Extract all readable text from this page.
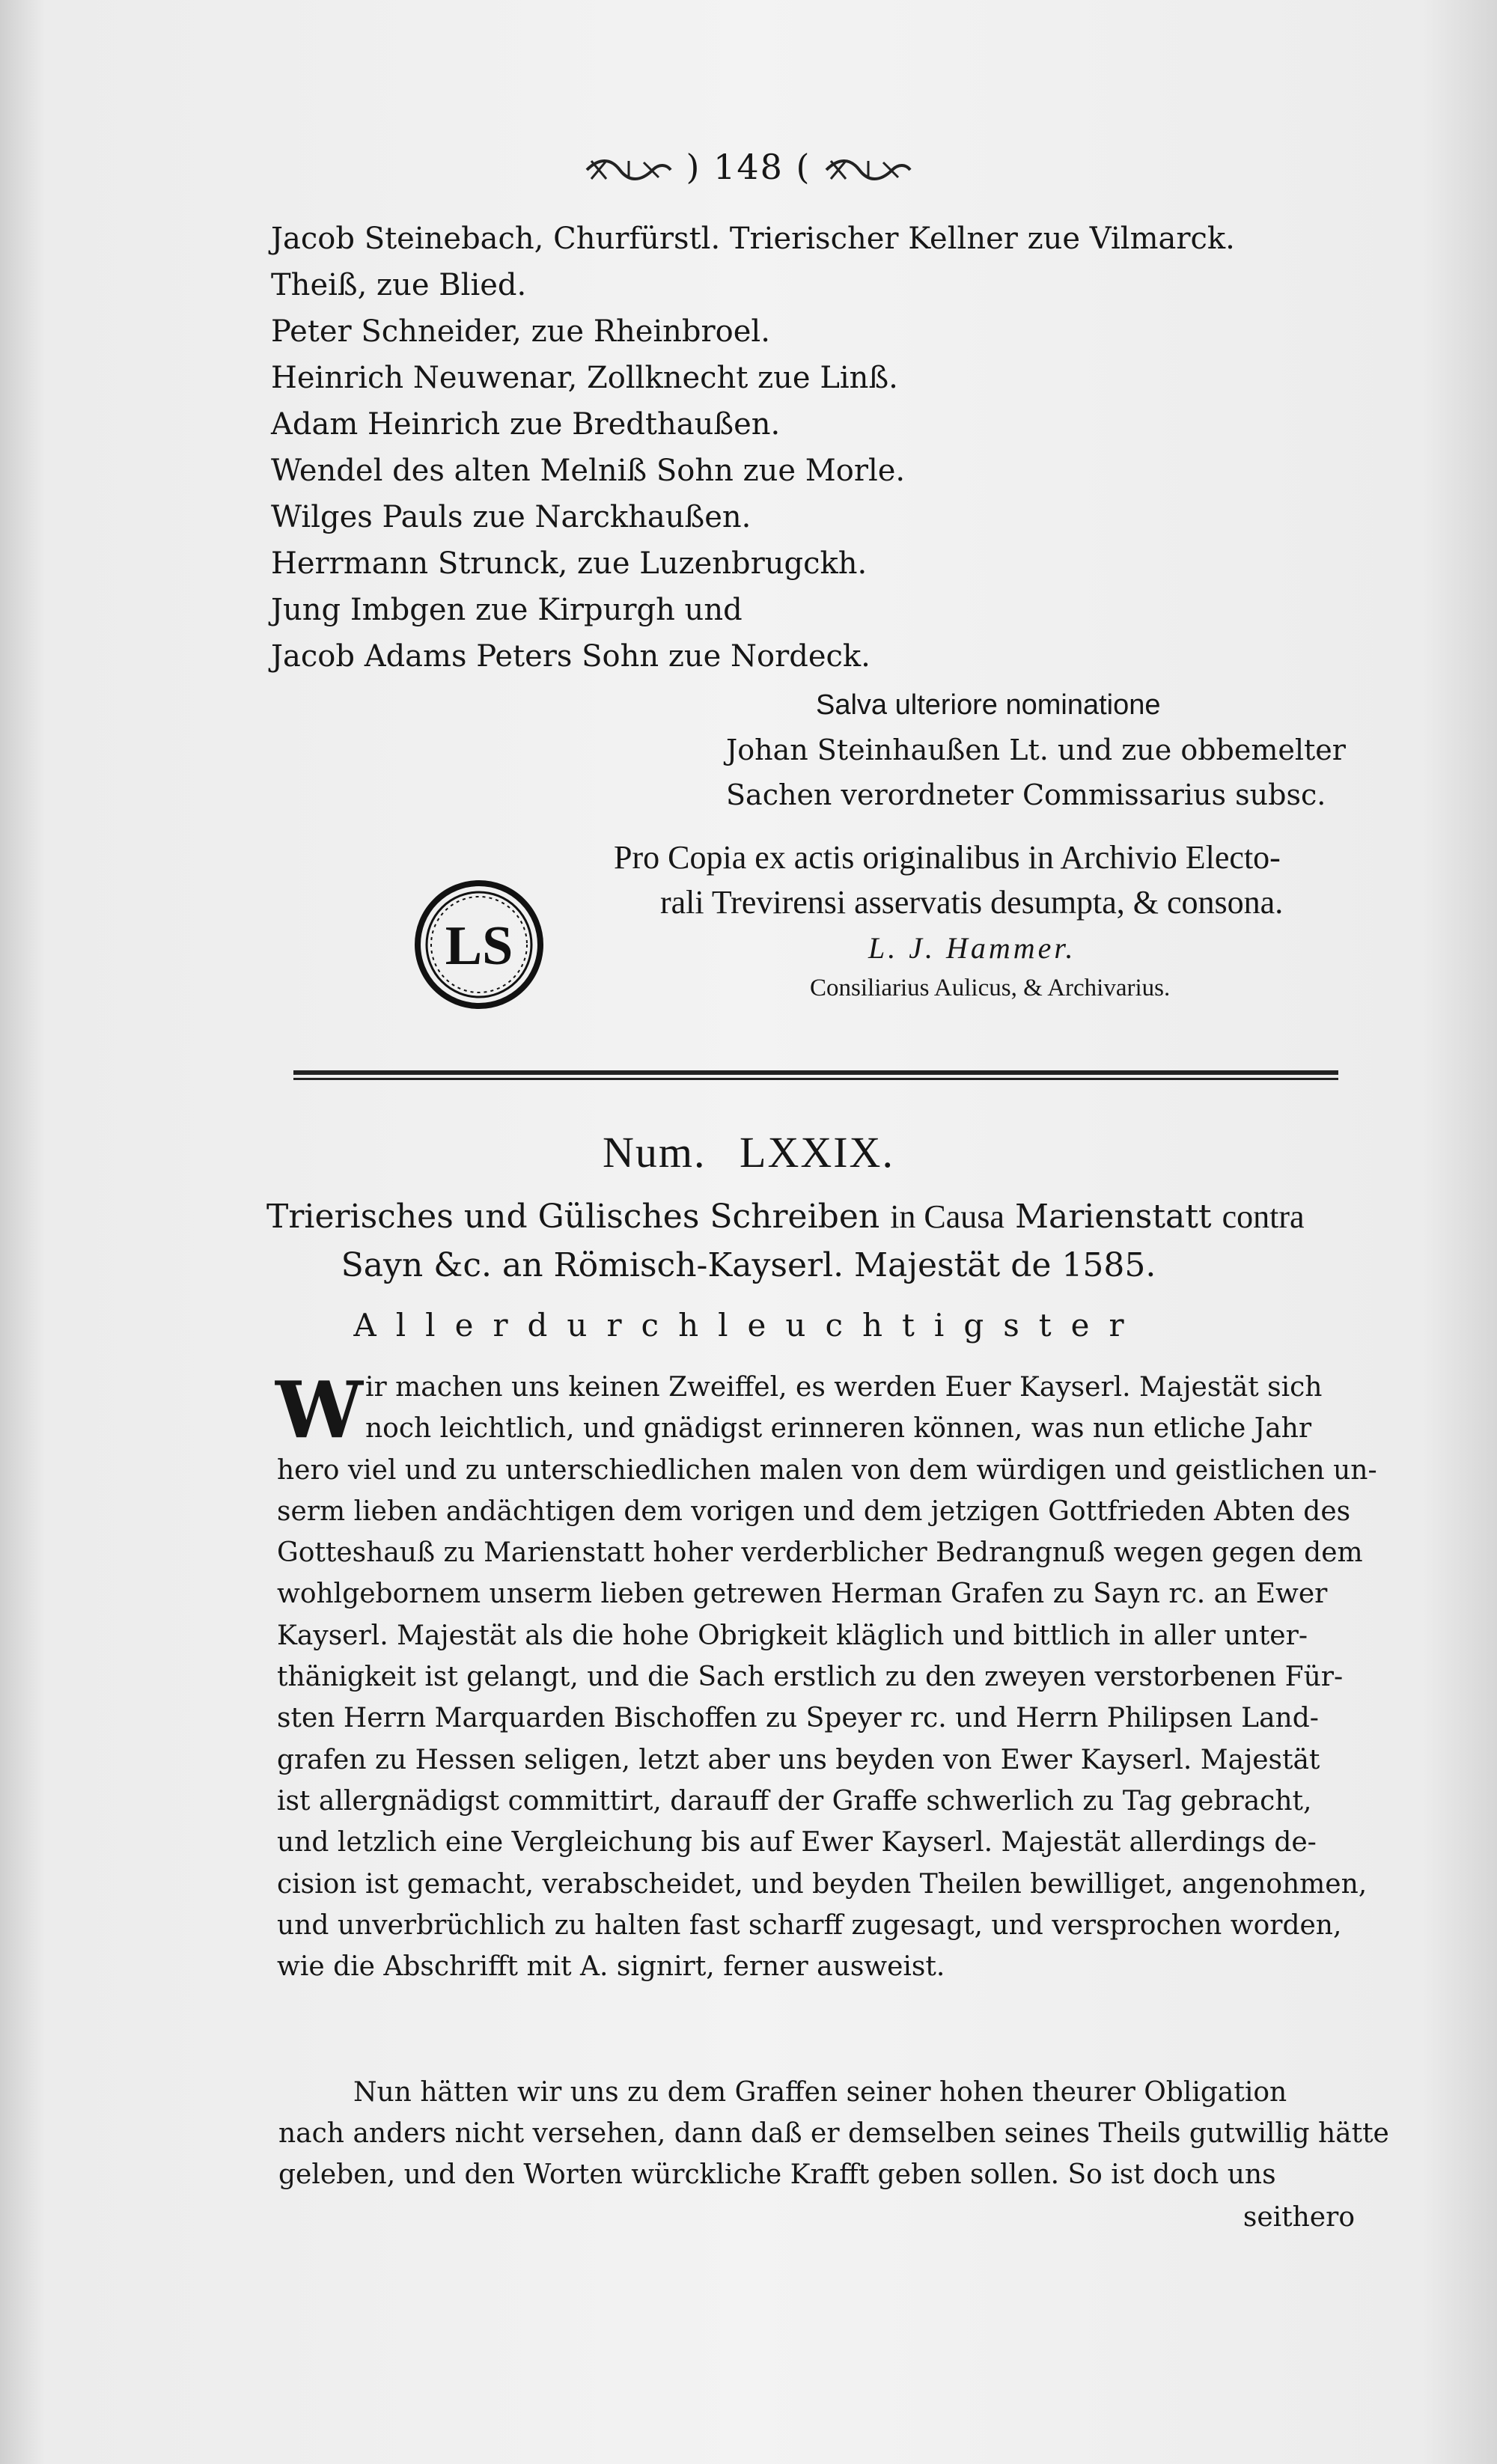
) 148 (
Jacob Steinebach, Churfürstl. Trierischer Kellner zue Vilmarck.
Theiß, zue Blied.
Peter Schneider, zue Rheinbroel.
Heinrich Neuwenar, Zollknecht zue Linß.
Adam Heinrich zue Bredthaußen.
Wendel des alten Melniß Sohn zue Morle.
Wilges Pauls zue Narckhaußen.
Herrmann Strunck, zue Luzenbrugckh.
Jung Imbgen zue Kirpurgh und
Jacob Adams Peters Sohn zue Nordeck.
Salva ulteriore nominatione
Johan Steinhaußen Lt. und zue obbemelter
Sachen verordneter Commissarius subsc.
LS
Pro Copia ex actis originalibus in Archivio Electo-
rali Trevirensi asservatis desumpta, & consona.
L. J. Hammer.
Consiliarius Aulicus, & Archivarius.
Num. LXXIX.
Trierisches und Gülisches Schreiben in Causa Marienstatt contra
Sayn &c. an Römisch-Kayserl. Majestät de 1585.
Allerdurchleuchtigster
W ir machen uns keinen Zweiffel, es werden Euer Kayserl. Majestät sich
noch leichtlich, und gnädigst erinneren können, was nun etliche Jahr
hero viel und zu unterschiedlichen malen von dem würdigen und geistlichen un-
serm lieben andächtigen dem vorigen und dem jetzigen Gottfrieden Abten des
Gotteshauß zu Marienstatt hoher verderblicher Bedrangnuß wegen gegen dem
wohlgebornem unserm lieben getrewen Herman Grafen zu Sayn rc. an Ewer
Kayserl. Majestät als die hohe Obrigkeit kläglich und bittlich in aller unter-
thänigkeit ist gelangt, und die Sach erstlich zu den zweyen verstorbenen Für-
sten Herrn Marquarden Bischoffen zu Speyer rc. und Herrn Philipsen Land-
grafen zu Hessen seligen, letzt aber uns beyden von Ewer Kayserl. Majestät
ist allergnädigst committirt, darauff der Graffe schwerlich zu Tag gebracht,
und letzlich eine Vergleichung bis auf Ewer Kayserl. Majestät allerdings de-
cision ist gemacht, verabscheidet, und beyden Theilen bewilliget, angenohmen,
und unverbrüchlich zu halten fast scharff zugesagt, und versprochen worden,
wie die Abschrifft mit A. signirt, ferner ausweist.
Nun hätten wir uns zu dem Graffen seiner hohen theurer Obligation
nach anders nicht versehen, dann daß er demselben seines Theils gutwillig hätte
geleben, und den Worten würckliche Krafft geben sollen. So ist doch uns
seithero
